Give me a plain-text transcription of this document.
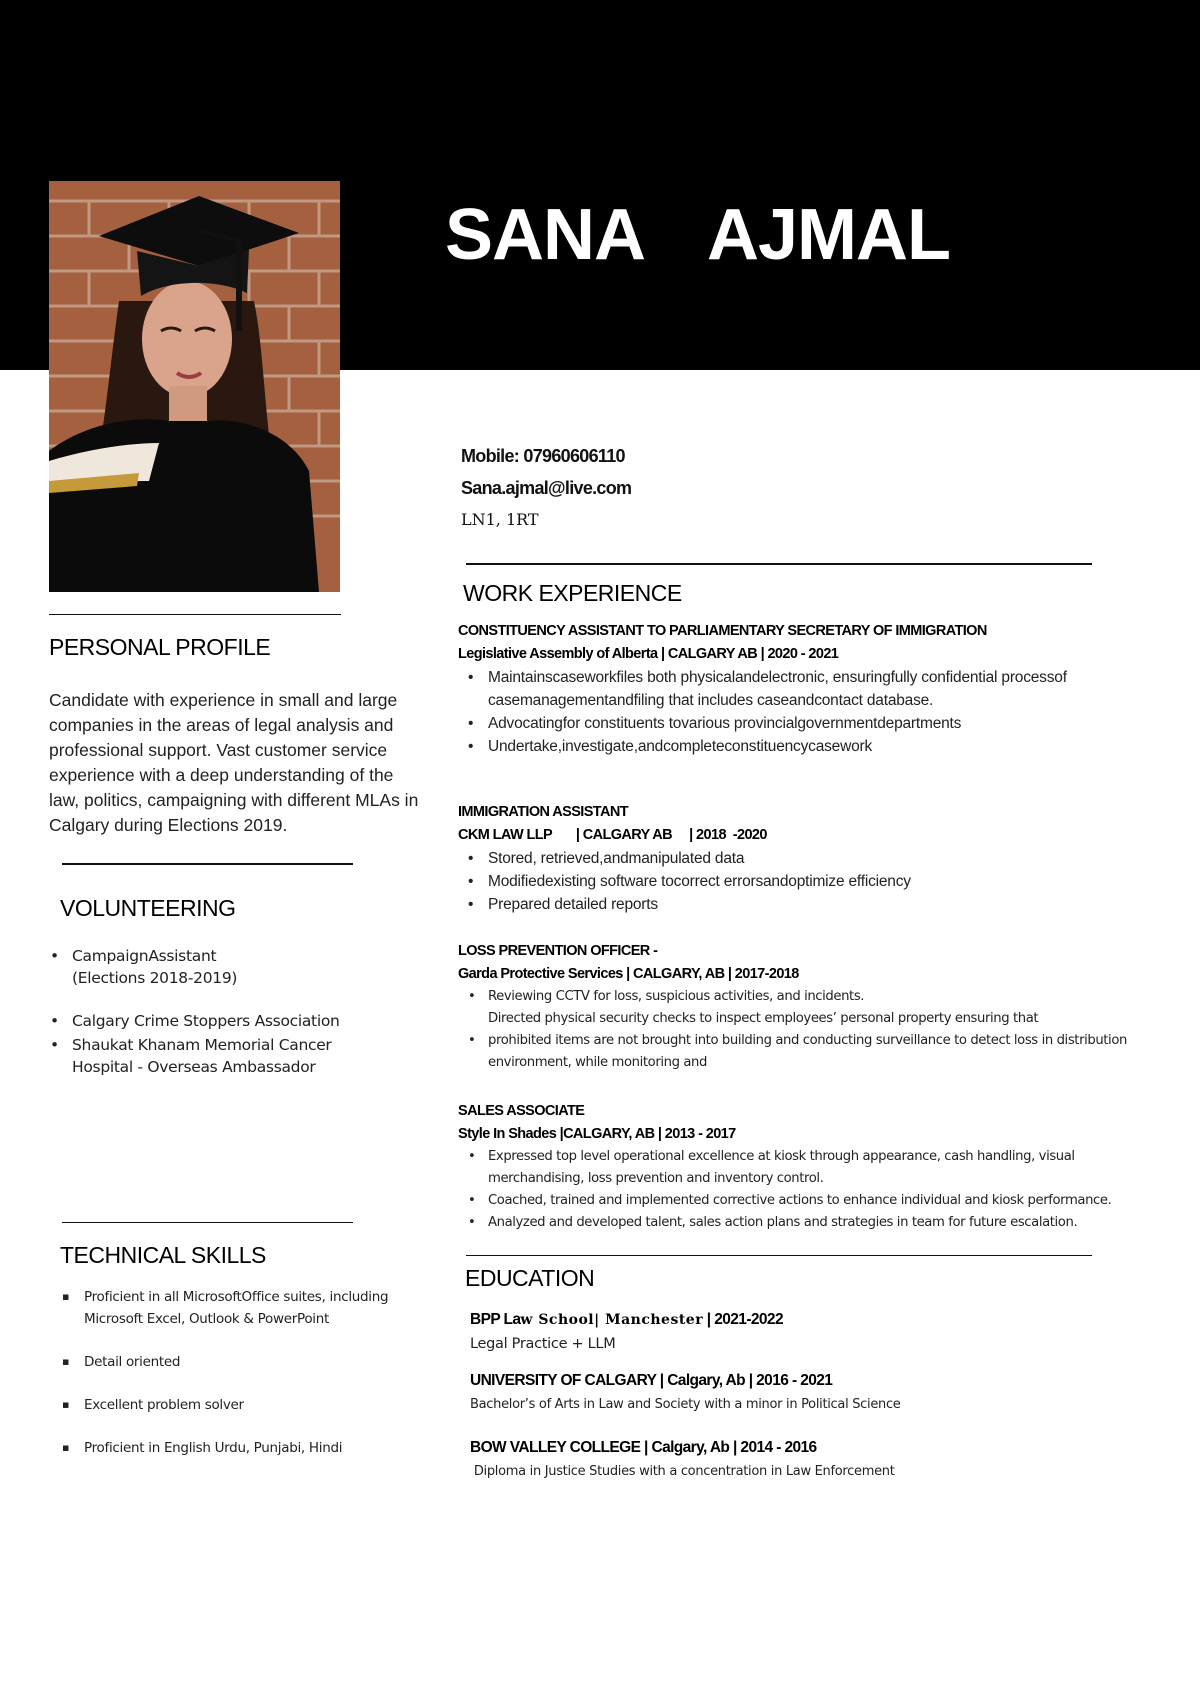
SANA AJMAL
Mobile: 07960606110
Sana.ajmal@live.com
LN1, 1RT
PERSONAL PROFILE
Candidate with experience in small and large companies in the areas of legal analysis and professional support. Vast customer service experience with a deep understanding of the law, politics, campaigning with different MLAs in Calgary during Elections 2019.
VOLUNTEERING
• CampaignAssistant
(Elections 2018-2019)
• Calgary Crime Stoppers Association
• Shaukat Khanam Memorial Cancer
Hospital - Overseas Ambassador
TECHNICAL SKILLS
▪ Proficient in all MicrosoftOffice suites, including Microsoft Excel, Outlook & PowerPoint
▪ Detail oriented
▪ Excellent problem solver
▪ Proficient in English Urdu, Punjabi, Hindi
WORK EXPERIENCE
CONSTITUENCY ASSISTANT TO PARLIAMENTARY SECRETARY OF IMMIGRATION
Legislative Assembly of Alberta | CALGARY AB | 2020 - 2021
• Maintainscaseworkfiles both physicalandelectronic, ensuringfully confidential processof casemanagementandfiling that includes caseandcontact database.
• Advocatingfor constituents tovarious provincialgovernmentdepartments
• Undertake,investigate,andcompleteconstituencycasework
IMMIGRATION ASSISTANT
CKM LAW LLP       | CALGARY AB     | 2018  -2020
• Stored, retrieved,andmanipulated data
• Modifiedexisting software tocorrect errorsandoptimize efficiency
• Prepared detailed reports
LOSS PREVENTION OFFICER -
Garda Protective Services | CALGARY, AB | 2017-2018
• Reviewing CCTV for loss, suspicious activities, and incidents.
Directed physical security checks to inspect employees’ personal property ensuring that
• prohibited items are not brought into building and conducting surveillance to detect loss in distribution environment, while monitoring and
SALES ASSOCIATE
Style In Shades |CALGARY, AB | 2013 - 2017
• Expressed top level operational excellence at kiosk through appearance, cash handling, visual merchandising, loss prevention and inventory control.
• Coached, trained and implemented corrective actions to enhance individual and kiosk performance.
• Analyzed and developed talent, sales action plans and strategies in team for future escalation.
EDUCATION
BPP Law School| Manchester | 2021-2022
Legal Practice + LLM
UNIVERSITY OF CALGARY | Calgary, Ab | 2016 - 2021
Bachelor’s of Arts in Law and Society with a minor in Political Science
BOW VALLEY COLLEGE | Calgary, Ab | 2014 - 2016
Diploma in Justice Studies with a concentration in Law Enforcement
